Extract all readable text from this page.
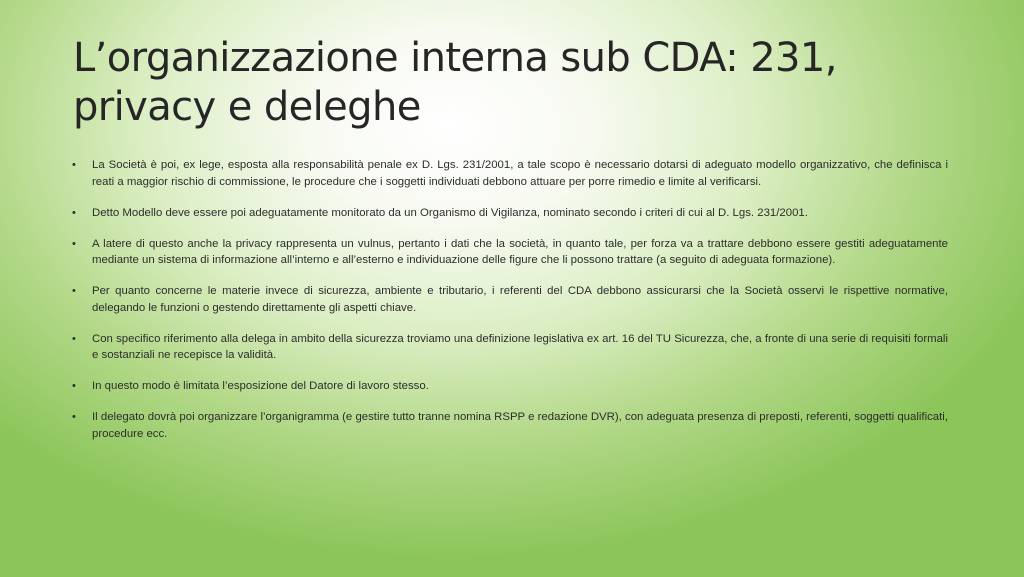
L’organizzazione interna sub CDA: 231, privacy e deleghe
• La Società è poi, ex lege, esposta alla responsabilità penale ex D. Lgs. 231/2001, a tale scopo è necessario dotarsi di adeguato modello organizzativo, che definisca i reati a maggior rischio di commissione, le procedure che i soggetti individuati debbono attuare per porre rimedio e limite al verificarsi.
• Detto Modello deve essere poi adeguatamente monitorato da un Organismo di Vigilanza, nominato secondo i criteri di cui al D. Lgs. 231/2001.
• A latere di questo anche la privacy rappresenta un vulnus, pertanto i dati che la società, in quanto tale, per forza va a trattare debbono essere gestiti adeguatamente mediante un sistema di informazione all’interno e all’esterno e individuazione delle figure che li possono trattare (a seguito di adeguata formazione).
• Per quanto concerne le materie invece di sicurezza, ambiente e tributario, i referenti del CDA debbono assicurarsi che la Società osservi le rispettive normative, delegando le funzioni o gestendo direttamente gli aspetti chiave.
• Con specifico riferimento alla delega in ambito della sicurezza troviamo una definizione legislativa ex art. 16 del TU Sicurezza, che, a fronte di una serie di requisiti formali e sostanziali ne recepisce la validità.
• In questo modo è limitata l’esposizione del Datore di lavoro stesso.
• Il delegato dovrà poi organizzare l’organigramma (e gestire tutto tranne nomina RSPP e redazione DVR), con adeguata presenza di preposti, referenti, soggetti qualificati, procedure ecc.
